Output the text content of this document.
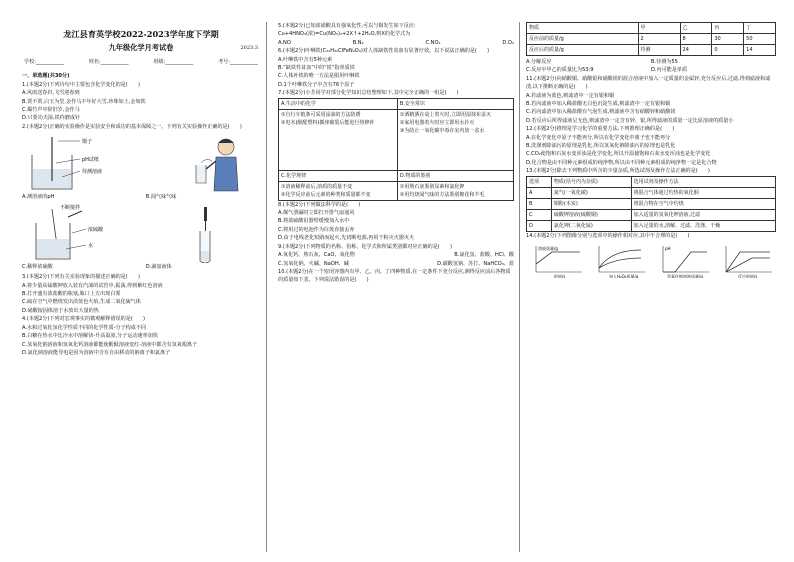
龙江县育英学校2022-2023学年度下学期
九年级化学月考试卷	2023.3
学校:___________	姓名:___________	班级:___________	考号:___________
一、单选题(共30分)
1.(本题2分)下列诗句中主要包含化学变化的是(　　)
A.风雨送春归,飞雪迎春到
B.贾不贾,白玉为堂,金作马丰年好大雪,珍珠如土,金如铁
C.爆竹声中辞旧岁,金作马
D.只要功夫深,铁杵磨成针
2.(本题2分)正确的实验操作是实验安全和成功的基本保障之一。下列有关实验操作正确的是(　　)
镊子
pH试纸
待测溶液
A.测溶液的pH	B.闻气味气味
不断搅拌
浓硫酸
水
C.稀释浓硫酸	D.滴加液体
3.(本题2分)下列有关实验现象的描述正确的是(　　)
A.将少量高锰酸钾放入装有汽油的试管中,振荡,得到紫红色溶液
B.打开盛有浓盐酸的瓶塞,瓶口上方出现白雾
C.硫在空气中燃烧发出淡蓝色火焰,生成二氧化硫气体
D.硝酸铵固体溶于水放出大量的热
4.(本题2分)下列对宏观事实的微观解释错误的是(　　)
A.水和过氧化氢化学性质不同的化学性质-分子构成不同
B.白糖在热水中比冷水中溶解快-升高温度,分子运动速率加快
C.氢氧化钠溶液和氢氧化钙溶液都能使酚酞溶液变红-溶液中都含有氢氧根离子
D.氯化钠溶液能导电是因为溶液中含有自由移动的钠离子和氯离子
5.(本题2分)已知浓硝酸具有强氧化性,可以与铜发生如下反应:
Cu+4HNO₃(浓)=Cu(NO₃)₂+2X↑+2H₂O,则X的化学式为
A.NO	B.N₂	C.NO₂	D.O₂
6.(本题2分)叶啉铁(C₃₄H₃₂ClFeN₄O₄)对人体缺铁性贫血有显著疗效。以下说法正确的是(　　)
A.叶啉铁中含有5种元素
B.“缺铁性贫血”中的“铁”指单质铁
C.人体补铁的唯一方法是服用叶啉铁
D.1个叶啉铁分子中含有76个原子
7.(本题2分)小芳同学对部分化学知识总结整理如下,其中完全正确的一组是(　　)
A.生活中的化学	B.安全常识
①自行车链条可采用涂油的方法防锈
②电木(酚醛塑料)插座破裂后能进行热修补	①酒精洒在桌上着火时,立即用湿抹布盖灭
②家用电器着火时应立即用水扑灭
③为防止一氧化碳中毒在室内放一盆水
C.化学规律	D.物质的鉴别
①溶液稀释前后,溶质的质量不变
②化学反应前后元素的种类和质量都不变	①用熟石灰鉴别尿素和氯化钾
②用灼烧闻气味的方法鉴别棉花和羊毛
8.(本题2分)下列做法科学的是(　　)
A.煤气泄漏时立即打开排气扇通风
B.将浓硫酸沿器壁缓慢加入水中
C.将用过的电池作为垃圾直接丢弃
D.由于电线老化短路而起火,先切断电源,再用干粉灭火器灭火
9.(本题2分)下列物质的名称、俗称、化学式和所属类别都对应正确的是(　　)
A.氧化钙、熟石灰、CaO、氧化物	B.氯化氢、盐酸、HCl、酸
C.氢氧化钠、火碱、NaOH、碱	D.碳酸氢钠、苏打、NaHCO₃、盐
10.(本题2分)在一个密闭容器内有甲、乙、丙、丁四种物质,在一定条件下充分反应,测得反应前后各物质的质量如下表。下列说法错误的是(　　)
物质	甲	乙	丙	丁
反应前的质量/g	2	8	30	50
反应后的质量/g	待测	24	0	14
A.分解反应	B.待测为55
C.反应中甲乙的质量比为53:9	D.丙可能是单质
11.(本题2分)向硝酸铜、硝酸银和硝酸镁的混合溶液中加入一定质量的金属锌,充分反应后,过滤,得到滤液和滤渣,以下推断正确的是(　　)
A.若滤液为蓝色,则滤渣中一定有银和铜
B.若向滤液中加入稀盐酸无白色沉淀生成,则滤渣中一定有银和铜
C.若向滤渣中加入稀盐酸有气泡生成,则滤液中含有硝酸锌和硝酸镁
D.若反应后所得滤液呈无色,则滤渣中一定含有锌、银,所得滤液的质量一定比原溶液的质量小
12.(本题2分)推理是学习化学的重要方法,下列推理正确的是(　　)
A.在化学变化中原子不能再分,所以在化学变化中离子也不能再分
B.洗涤剂除油污的原理是乳化,所以氢氧化钠除油污的原理也是乳化
C.CO₂使饱和石灰水变浑浊是化学变化,所以升温使饱和石灰水变浑浊也是化学变化
D.化合物是由不同种元素组成的纯净物,所以由不同种元素组成的纯净物一定是化合物
13.(本题2分)除去下列物质中所含的少量杂质,所选试剂及操作方法正确的是(　　)
选项	物质(括号内为杂质)	选用试剂及操作方法
A	氮气(一氧化碳)	将混合气体通过灼热的氧化铜
B	铜粉(木炭)	将混合物在空气中灼烧
C	硫酸钾溶液(硫酸铜)	加入适量的氢氧化钾溶液,过滤
D	氯化钾(二氧化锰)	加入足量的水,溶解、过滤、洗涤、干燥
14.(本题2分)下列图像分别与选项中的操作相对应,其中不合理的是(　　)
时间/s
溶液质量/g
加入H₂O₂质量/g	氢氧化钠溶液质量/g
pH
反应时间/s
